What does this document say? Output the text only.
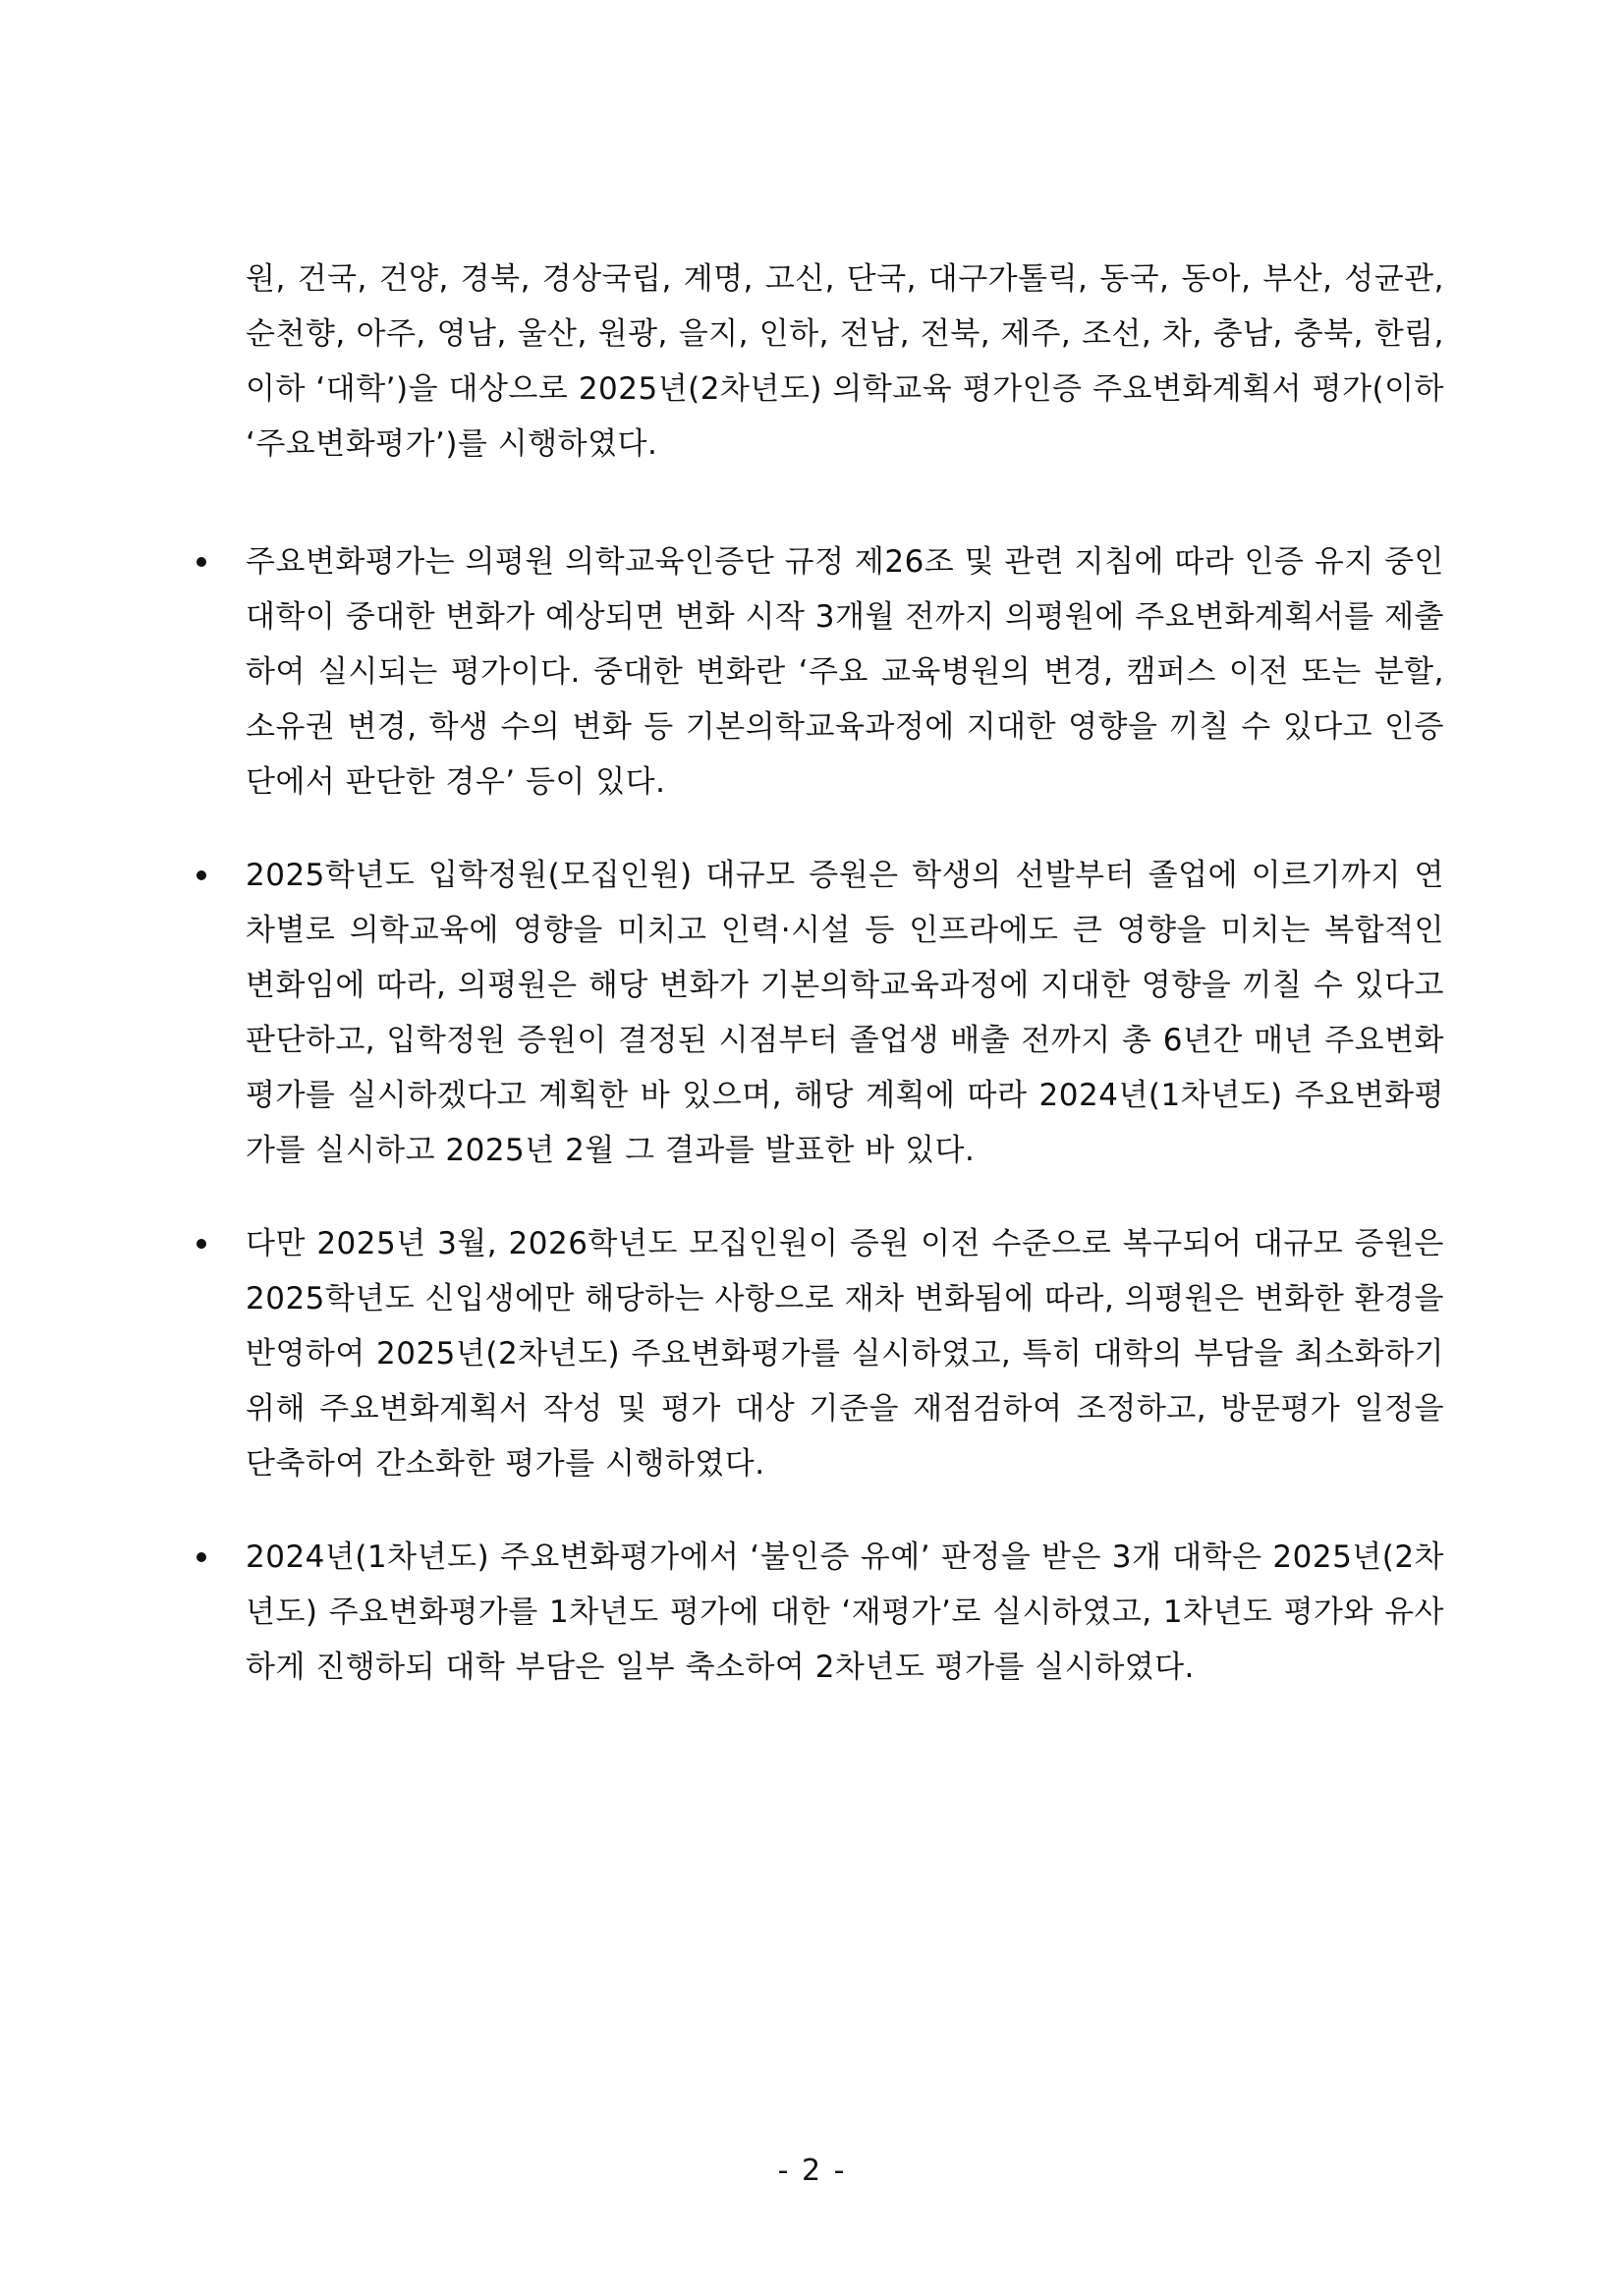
원, 건국, 건양, 경북, 경상국립, 계명, 고신, 단국, 대구가톨릭, 동국, 동아, 부산, 성균관, 순천향, 아주, 영남, 울산, 원광, 을지, 인하, 전남, 전북, 제주, 조선, 차, 충남, 충북, 한림, 이하 ‘대학’)을 대상으로 2025년(2차년도) 의학교육 평가인증 주요변화계획서 평가(이하 ‘주요변화평가’)를 시행하였다.

주요변화평가는 의평원 의학교육인증단 규정 제26조 및 관련 지침에 따라 인증 유지 중인 대학이 중대한 변화가 예상되면 변화 시작 3개월 전까지 의평원에 주요변화계획서를 제출하여 실시되는 평가이다. 중대한 변화란 ‘주요 교육병원의 변경, 캠퍼스 이전 또는 분할, 소유권 변경, 학생 수의 변화 등 기본의학교육과정에 지대한 영향을 끼칠 수 있다고 인증단에서 판단한 경우’ 등이 있다.
2025학년도 입학정원(모집인원) 대규모 증원은 학생의 선발부터 졸업에 이르기까지 연차별로 의학교육에 영향을 미치고 인력·시설 등 인프라에도 큰 영향을 미치는 복합적인 변화임에 따라, 의평원은 해당 변화가 기본의학교육과정에 지대한 영향을 끼칠 수 있다고 판단하고, 입학정원 증원이 결정된 시점부터 졸업생 배출 전까지 총 6년간 매년 주요변화평가를 실시하겠다고 계획한 바 있으며, 해당 계획에 따라 2024년(1차년도) 주요변화평가를 실시하고 2025년 2월 그 결과를 발표한 바 있다.
다만 2025년 3월, 2026학년도 모집인원이 증원 이전 수준으로 복구되어 대규모 증원은 2025학년도 신입생에만 해당하는 사항으로 재차 변화됨에 따라, 의평원은 변화한 환경을 반영하여 2025년(2차년도) 주요변화평가를 실시하였고, 특히 대학의 부담을 최소화하기 위해 주요변화계획서 작성 및 평가 대상 기준을 재점검하여 조정하고, 방문평가 일정을 단축하여 간소화한 평가를 시행하였다.
2024년(1차년도) 주요변화평가에서 ‘불인증 유예’ 판정을 받은 3개 대학은 2025년(2차년도) 주요변화평가를 1차년도 평가에 대한 ‘재평가’로 실시하였고, 1차년도 평가와 유사하게 진행하되 대학 부담은 일부 축소하여 2차년도 평가를 실시하였다.
- 2 -
